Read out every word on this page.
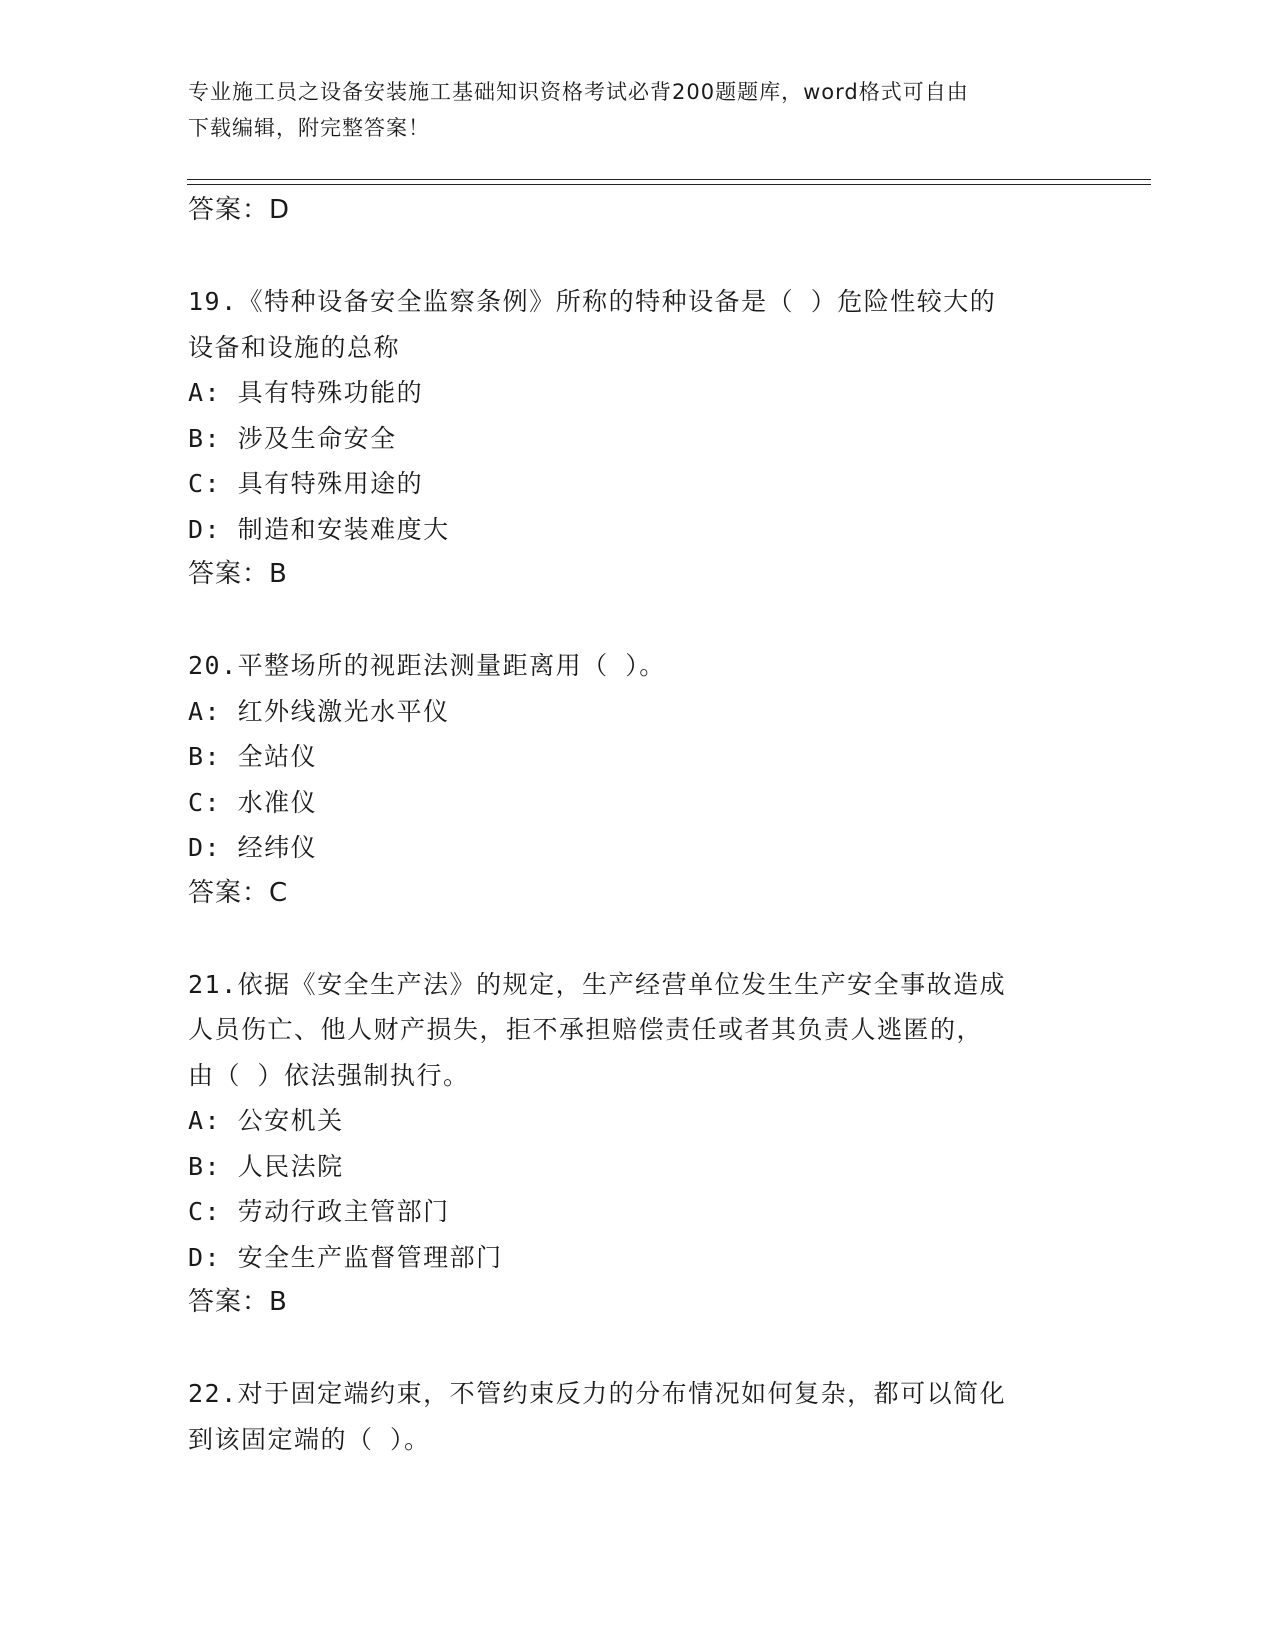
专业施工员之设备安装施工基础知识资格考试必背200题题库，word格式可自由
下载编辑，附完整答案！
答案：D
19.《特种设备安全监察条例》所称的特种设备是（ ）危险性较大的
设备和设施的总称
A: 具有特殊功能的
B: 涉及生命安全
C: 具有特殊用途的
D: 制造和安装难度大
答案：B
20.平整场所的视距法测量距离用（ ）。
A: 红外线激光水平仪
B: 全站仪
C: 水准仪
D: 经纬仪
答案：C
21.依据《安全生产法》的规定，生产经营单位发生生产安全事故造成
人员伤亡、他人财产损失，拒不承担赔偿责任或者其负责人逃匿的，
由（ ）依法强制执行。
A: 公安机关
B: 人民法院
C: 劳动行政主管部门
D: 安全生产监督管理部门
答案：B
22.对于固定端约束，不管约束反力的分布情况如何复杂，都可以简化
到该固定端的（ ）。
